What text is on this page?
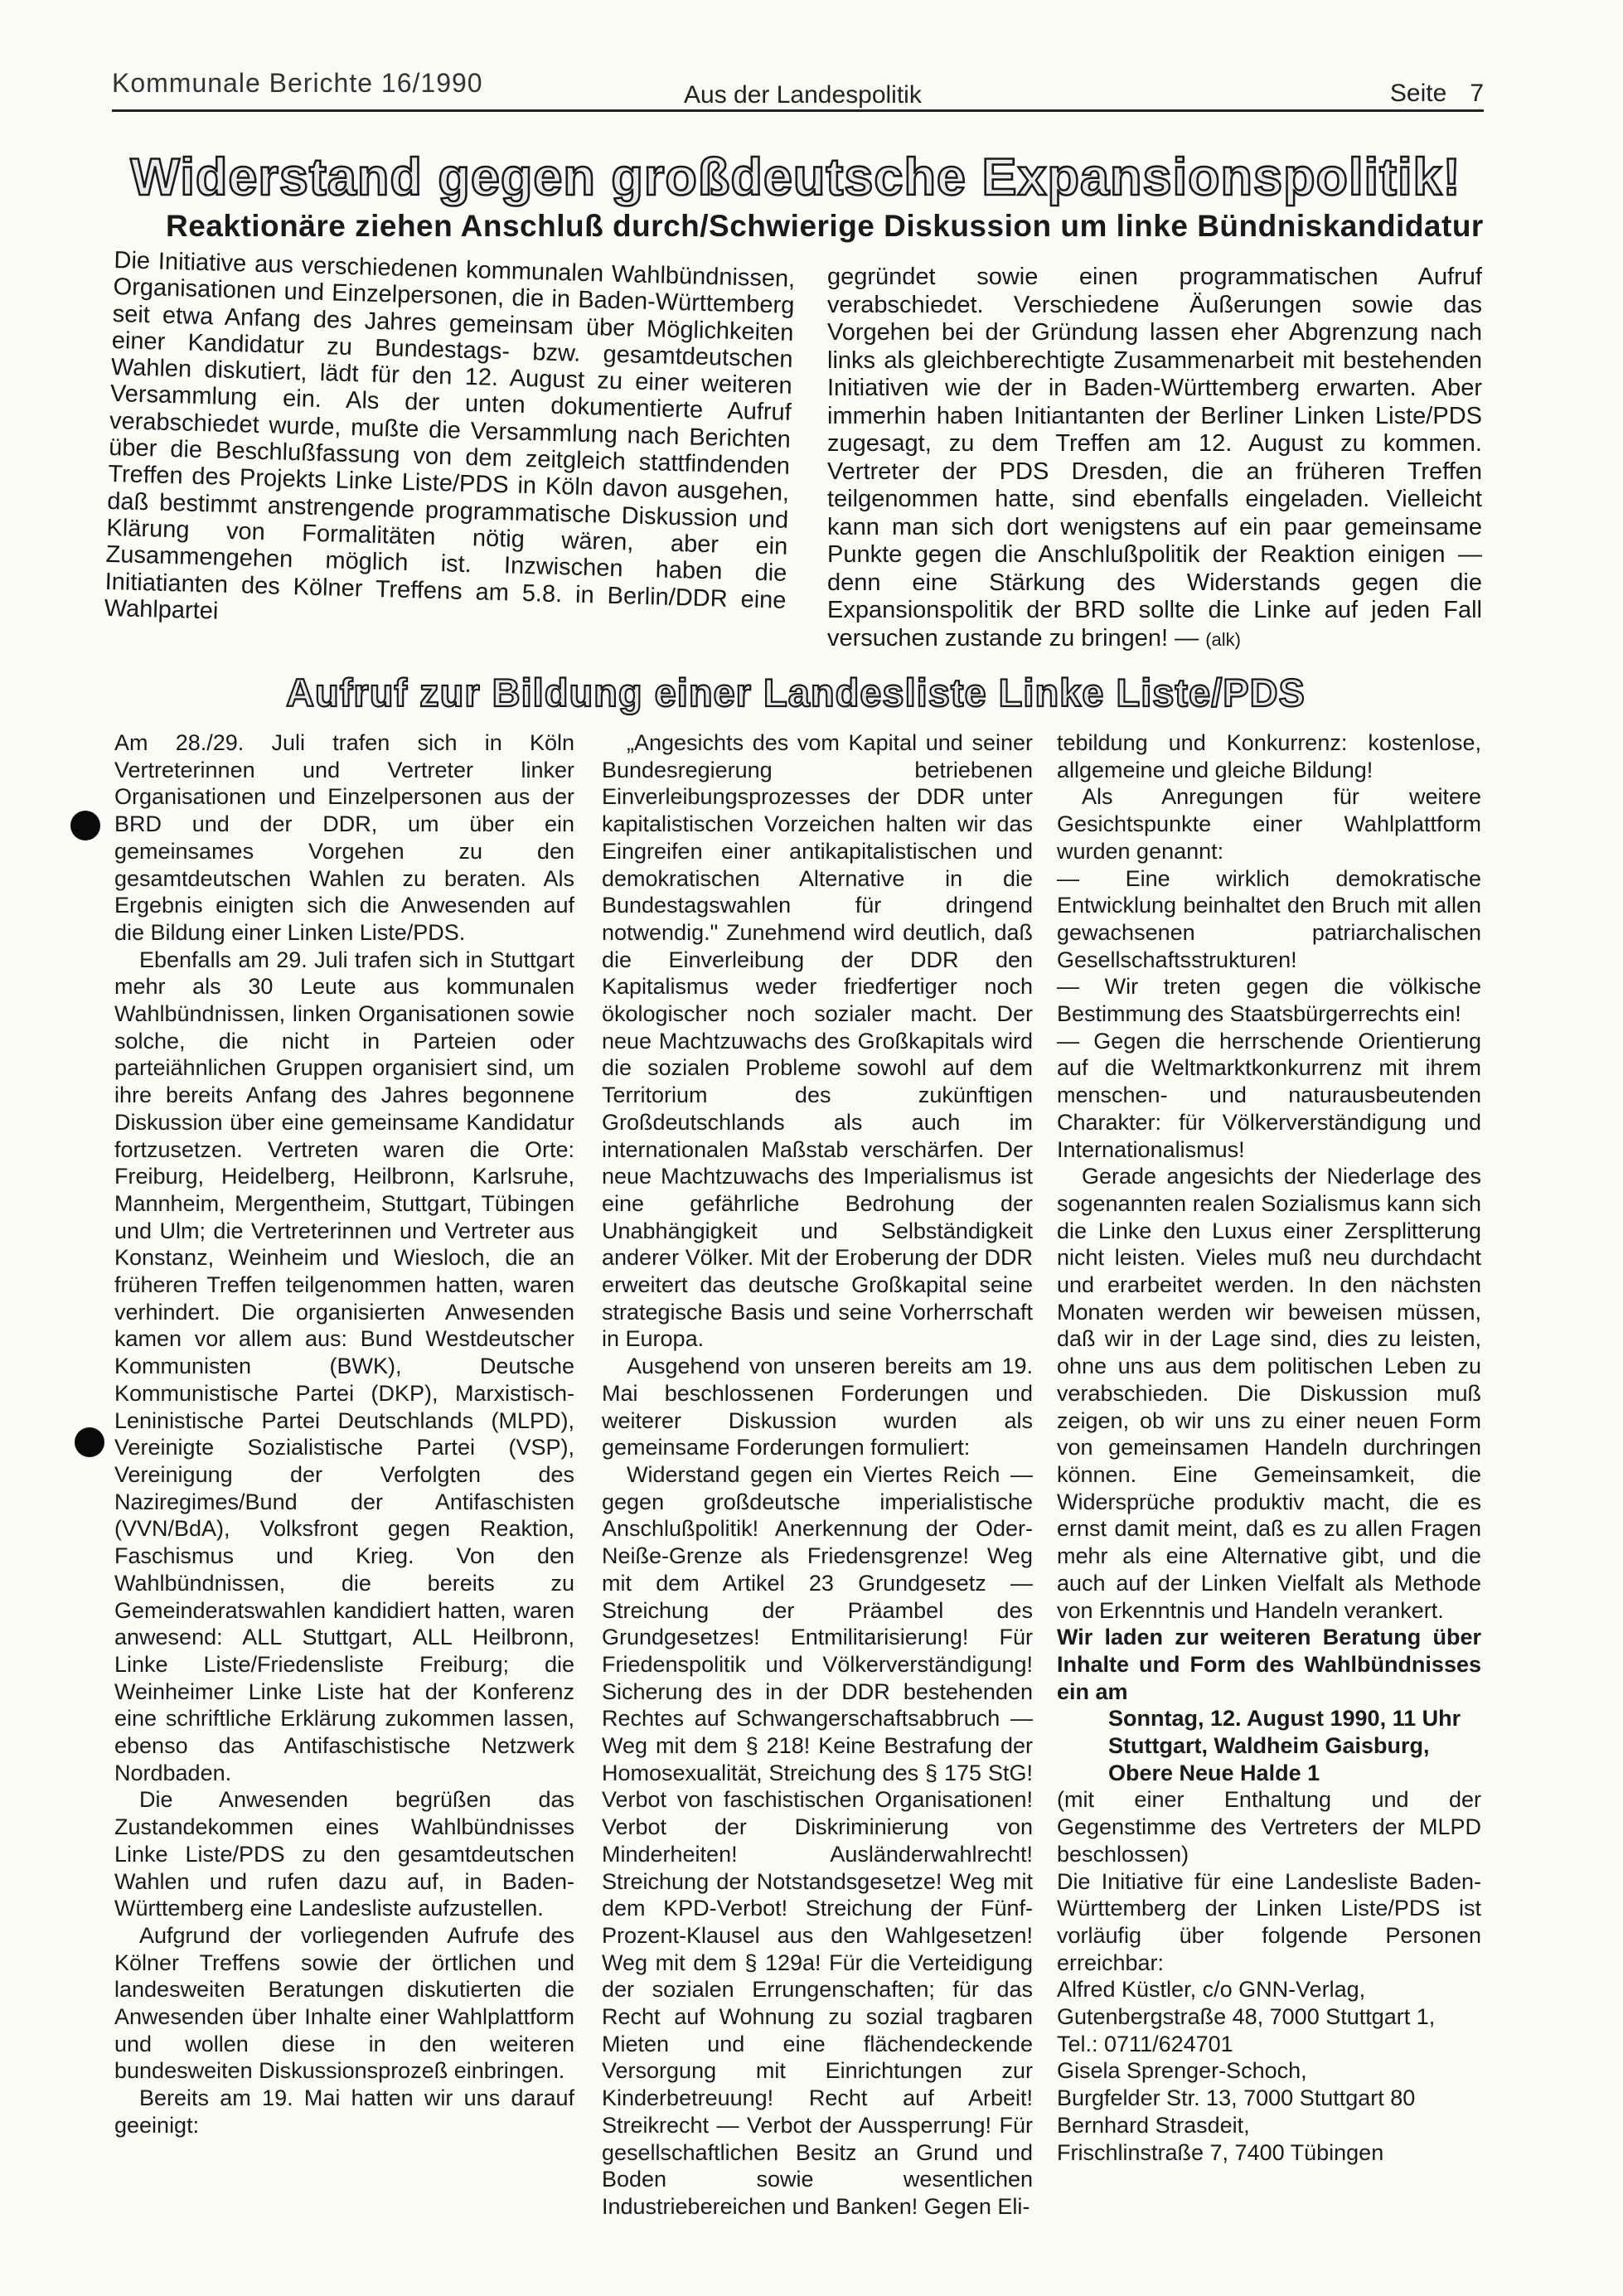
Kommunale Berichte 16/1990	Aus der Landespolitik	Seite 7
Widerstand gegen großdeutsche Expansionspolitik!
Reaktionäre ziehen Anschluß durch/Schwierige Diskussion um linke Bündniskandidatur

Die Initiative aus verschiedenen kommunalen Wahlbündnissen, Organisationen und Einzelpersonen, die in Baden-Württemberg seit etwa Anfang des Jahres gemeinsam über Möglichkeiten einer Kandidatur zu Bundestags- bzw. gesamtdeutschen Wahlen diskutiert, lädt für den 12. August zu einer weiteren Versammlung ein. Als der unten dokumentierte Aufruf verabschiedet wurde, mußte die Versammlung nach Berichten über die Beschlußfassung von dem zeitgleich stattfindenden Treffen des Projekts Linke Liste/PDS in Köln davon ausgehen, daß bestimmt anstrengende programmatische Diskussion und Klärung von Formalitäten nötig wären, aber ein Zusammengehen möglich ist. Inzwischen haben die Initiatianten des Kölner Treffens am 5.8. in Berlin/DDR eine Wahlpartei

gegründet sowie einen programmatischen Aufruf verabschiedet. Verschiedene Äußerungen sowie das Vorgehen bei der Gründung lassen eher Abgrenzung nach links als gleichberechtigte Zusammenarbeit mit bestehenden Initiativen wie der in Baden-Württemberg erwarten. Aber immerhin haben Initiantanten der Berliner Linken Liste/PDS zugesagt, zu dem Treffen am 12. August zu kommen. Vertreter der PDS Dresden, die an früheren Treffen teilgenommen hatte, sind ebenfalls eingeladen. Vielleicht kann man sich dort wenigstens auf ein paar gemeinsame Punkte gegen die Anschlußpolitik der Reaktion einigen — denn eine Stärkung des Widerstands gegen die Expansionspolitik der BRD sollte die Linke auf jeden Fall versuchen zustande zu bringen! — (alk)

Aufruf zur Bildung einer Landesliste Linke Liste/PDS

Am 28./29. Juli trafen sich in Köln Vertreterinnen und Vertreter linker Organisationen und Einzelpersonen aus der BRD und der DDR, um über ein gemeinsames Vorgehen zu den gesamtdeutschen Wahlen zu beraten. Als Ergebnis einigten sich die Anwesenden auf die Bildung einer Linken Liste/PDS.

Ebenfalls am 29. Juli trafen sich in Stuttgart mehr als 30 Leute aus kommunalen Wahlbündnissen, linken Organisationen sowie solche, die nicht in Parteien oder parteiähnlichen Gruppen organisiert sind, um ihre bereits Anfang des Jahres begonnene Diskussion über eine gemeinsame Kandidatur fortzusetzen. Vertreten waren die Orte: Freiburg, Heidelberg, Heilbronn, Karlsruhe, Mannheim, Mergentheim, Stuttgart, Tübingen und Ulm; die Vertreterinnen und Vertreter aus Konstanz, Weinheim und Wiesloch, die an früheren Treffen teilgenommen hatten, waren verhindert. Die organisierten Anwesenden kamen vor allem aus: Bund Westdeutscher Kommunisten (BWK), Deutsche Kommunistische Partei (DKP), Marxistisch-Leninistische Partei Deutschlands (MLPD), Vereinigte Sozialistische Partei (VSP), Vereinigung der Verfolgten des Naziregimes/Bund der Antifaschisten (VVN/BdA), Volksfront gegen Reaktion, Faschismus und Krieg. Von den Wahlbündnissen, die bereits zu Gemeinderatswahlen kandidiert hatten, waren anwesend: ALL Stuttgart, ALL Heilbronn, Linke Liste/Friedensliste Freiburg; die Weinheimer Linke Liste hat der Konferenz eine schriftliche Erklärung zukommen lassen, ebenso das Antifaschistische Netzwerk Nordbaden.

Die Anwesenden begrüßen das Zustandekommen eines Wahlbündnisses Linke Liste/PDS zu den gesamtdeutschen Wahlen und rufen dazu auf, in Baden-Württemberg eine Landesliste aufzustellen.

Aufgrund der vorliegenden Aufrufe des Kölner Treffens sowie der örtlichen und landesweiten Beratungen diskutierten die Anwesenden über Inhalte einer Wahlplattform und wollen diese in den weiteren bundesweiten Diskussionsprozeß einbringen.

Bereits am 19. Mai hatten wir uns darauf geeinigt:

„Angesichts des vom Kapital und seiner Bundesregierung betriebenen Einverleibungsprozesses der DDR unter kapitalistischen Vorzeichen halten wir das Eingreifen einer antikapitalistischen und demokratischen Alternative in die Bundestagswahlen für dringend notwendig." Zunehmend wird deutlich, daß die Einverleibung der DDR den Kapitalismus weder friedfertiger noch ökologischer noch sozialer macht. Der neue Machtzuwachs des Großkapitals wird die sozialen Probleme sowohl auf dem Territorium des zukünftigen Großdeutschlands als auch im internationalen Maßstab verschärfen. Der neue Machtzuwachs des Imperialismus ist eine gefährliche Bedrohung der Unabhängigkeit und Selbständigkeit anderer Völker. Mit der Eroberung der DDR erweitert das deutsche Großkapital seine strategische Basis und seine Vorherrschaft in Europa.

Ausgehend von unseren bereits am 19. Mai beschlossenen Forderungen und weiterer Diskussion wurden als gemeinsame Forderungen formuliert:

Widerstand gegen ein Viertes Reich — gegen großdeutsche imperialistische Anschlußpolitik! Anerkennung der Oder-Neiße-Grenze als Friedensgrenze! Weg mit dem Artikel 23 Grundgesetz — Streichung der Präambel des Grundgesetzes! Entmilitarisierung! Für Friedenspolitik und Völkerverständigung! Sicherung des in der DDR bestehenden Rechtes auf Schwangerschaftsabbruch — Weg mit dem § 218! Keine Bestrafung der Homosexualität, Streichung des § 175 StG! Verbot von faschistischen Organisationen! Verbot der Diskriminierung von Minderheiten! Ausländerwahlrecht! Streichung der Notstandsgesetze! Weg mit dem KPD-Verbot! Streichung der Fünf-Prozent-Klausel aus den Wahlgesetzen! Weg mit dem § 129a! Für die Verteidigung der sozialen Errungenschaften; für das Recht auf Wohnung zu sozial tragbaren Mieten und eine flächendeckende Versorgung mit Einrichtungen zur Kinderbetreuung! Recht auf Arbeit! Streikrecht — Verbot der Aussperrung! Für gesellschaftlichen Besitz an Grund und Boden sowie wesentlichen Industriebereichen und Banken! Gegen Eli-

tebildung und Konkurrenz: kostenlose, allgemeine und gleiche Bildung!

Als Anregungen für weitere Gesichtspunkte einer Wahlplattform wurden genannt:

— Eine wirklich demokratische Entwicklung beinhaltet den Bruch mit allen gewachsenen patriarchalischen Gesellschaftsstrukturen!

— Wir treten gegen die völkische Bestimmung des Staatsbürgerrechts ein!

— Gegen die herrschende Orientierung auf die Weltmarktkonkurrenz mit ihrem menschen- und naturausbeutenden Charakter: für Völkerverständigung und Internationalismus!

Gerade angesichts der Niederlage des sogenannten realen Sozialismus kann sich die Linke den Luxus einer Zersplitterung nicht leisten. Vieles muß neu durchdacht und erarbeitet werden. In den nächsten Monaten werden wir beweisen müssen, daß wir in der Lage sind, dies zu leisten, ohne uns aus dem politischen Leben zu verabschieden. Die Diskussion muß zeigen, ob wir uns zu einer neuen Form von gemeinsamen Handeln durchringen können. Eine Gemeinsamkeit, die Widersprüche produktiv macht, die es ernst damit meint, daß es zu allen Fragen mehr als eine Alternative gibt, und die auch auf der Linken Vielfalt als Methode von Erkenntnis und Handeln verankert.

Wir laden zur weiteren Beratung über Inhalte und Form des Wahlbündnisses ein am

Sonntag, 12. August 1990, 11 Uhr
Stuttgart, Waldheim Gaisburg,
Obere Neue Halde 1

(mit einer Enthaltung und der Gegenstimme des Vertreters der MLPD beschlossen)

Die Initiative für eine Landesliste Baden-Württemberg der Linken Liste/PDS ist vorläufig über folgende Personen erreichbar:

Alfred Küstler, c/o GNN-Verlag,
Gutenbergstraße 48, 7000 Stuttgart 1,
Tel.: 0711/624701
Gisela Sprenger-Schoch,
Burgfelder Str. 13, 7000 Stuttgart 80
Bernhard Strasdeit,
Frischlinstraße 7, 7400 Tübingen
